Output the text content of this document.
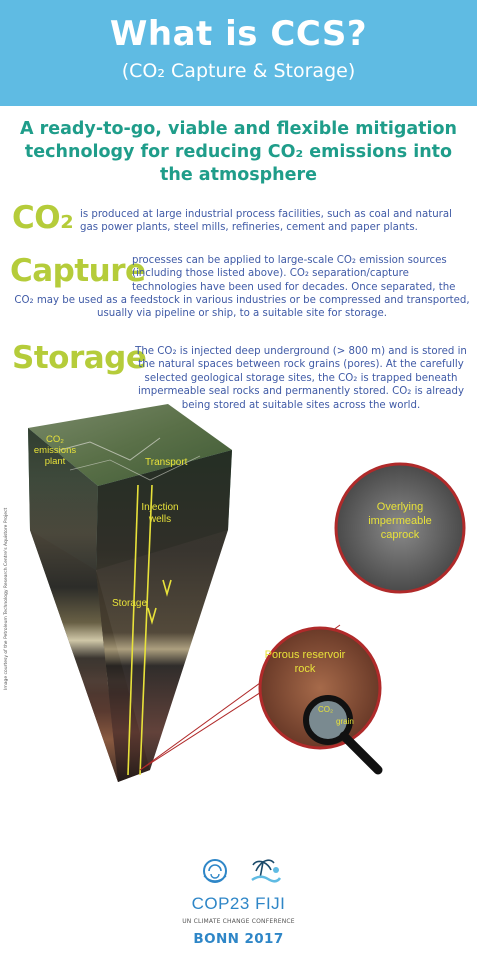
What is CCS?
(CO₂ Capture & Storage)
A ready-to-go, viable and flexible mitigation technology for reducing CO₂ emissions into the atmosphere
CO₂ is produced at large industrial process facilities, such as coal and natural gas power plants, steel mills, refineries, cement and paper plants.
Capture
processes can be applied to large-scale CO₂ emission sources (including those listed above). CO₂ separation/capture technologies have been used for decades. Once separated, the
CO₂ may be used as a feedstock in various industries or be compressed and transported, usually via pipeline or ship, to a suitable site for storage.
Storage
The CO₂ is injected deep underground (> 800 m) and is stored in the natural spaces between rock grains (pores). At the carefully selected geological storage sites, the CO₂ is trapped beneath impermeable seal rocks and permanently stored. CO₂ is already being stored at suitable sites across the world.
Image courtesy of the Petroleum Technology Research Centre's Aquistore Project
Overlying
impermeable
caprock
Porous reservoir
rock
CO₂
grain
CO₂
emissions
plant	Transport
Injection
wells
Storage
COP23 FIJI
UN CLIMATE CHANGE CONFERENCE
BONN 2017
